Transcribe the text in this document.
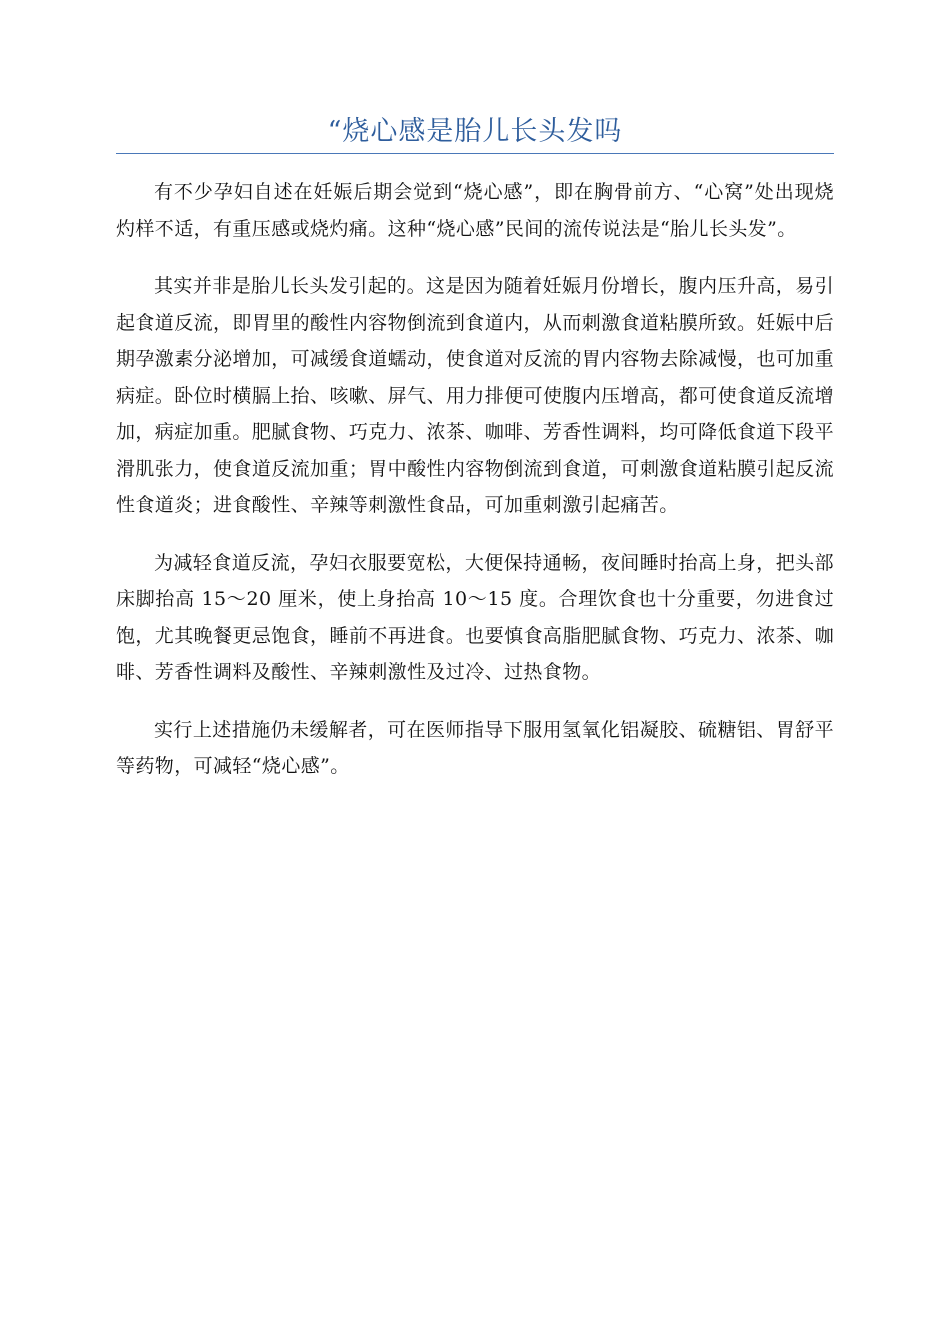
“烧心感是胎儿长头发吗

有不少孕妇自述在妊娠后期会觉到“烧心感”，即在胸骨前方、“心窝”处出现烧灼样不适，有重压感或烧灼痛。这种“烧心感”民间的流传说法是“胎儿长头发”。

其实并非是胎儿长头发引起的。这是因为随着妊娠月份增长，腹内压升高，易引起食道反流，即胃里的酸性内容物倒流到食道内，从而刺激食道粘膜所致。妊娠中后期孕激素分泌增加，可减缓食道蠕动，使食道对反流的胃内容物去除减慢，也可加重病症。卧位时横膈上抬、咳嗽、屏气、用力排便可使腹内压增高，都可使食道反流增加，病症加重。肥腻食物、巧克力、浓茶、咖啡、芳香性调料，均可降低食道下段平滑肌张力，使食道反流加重；胃中酸性内容物倒流到食道，可刺激食道粘膜引起反流性食道炎；进食酸性、辛辣等刺激性食品，可加重刺激引起痛苦。

为减轻食道反流，孕妇衣服要宽松，大便保持通畅，夜间睡时抬高上身，把头部床脚抬高 15～20 厘米，使上身抬高 10～15 度。合理饮食也十分重要，勿进食过饱，尤其晚餐更忌饱食，睡前不再进食。也要慎食高脂肥腻食物、巧克力、浓茶、咖啡、芳香性调料及酸性、辛辣刺激性及过冷、过热食物。

实行上述措施仍未缓解者，可在医师指导下服用氢氧化铝凝胶、硫糖铝、胃舒平等药物，可减轻“烧心感”。
